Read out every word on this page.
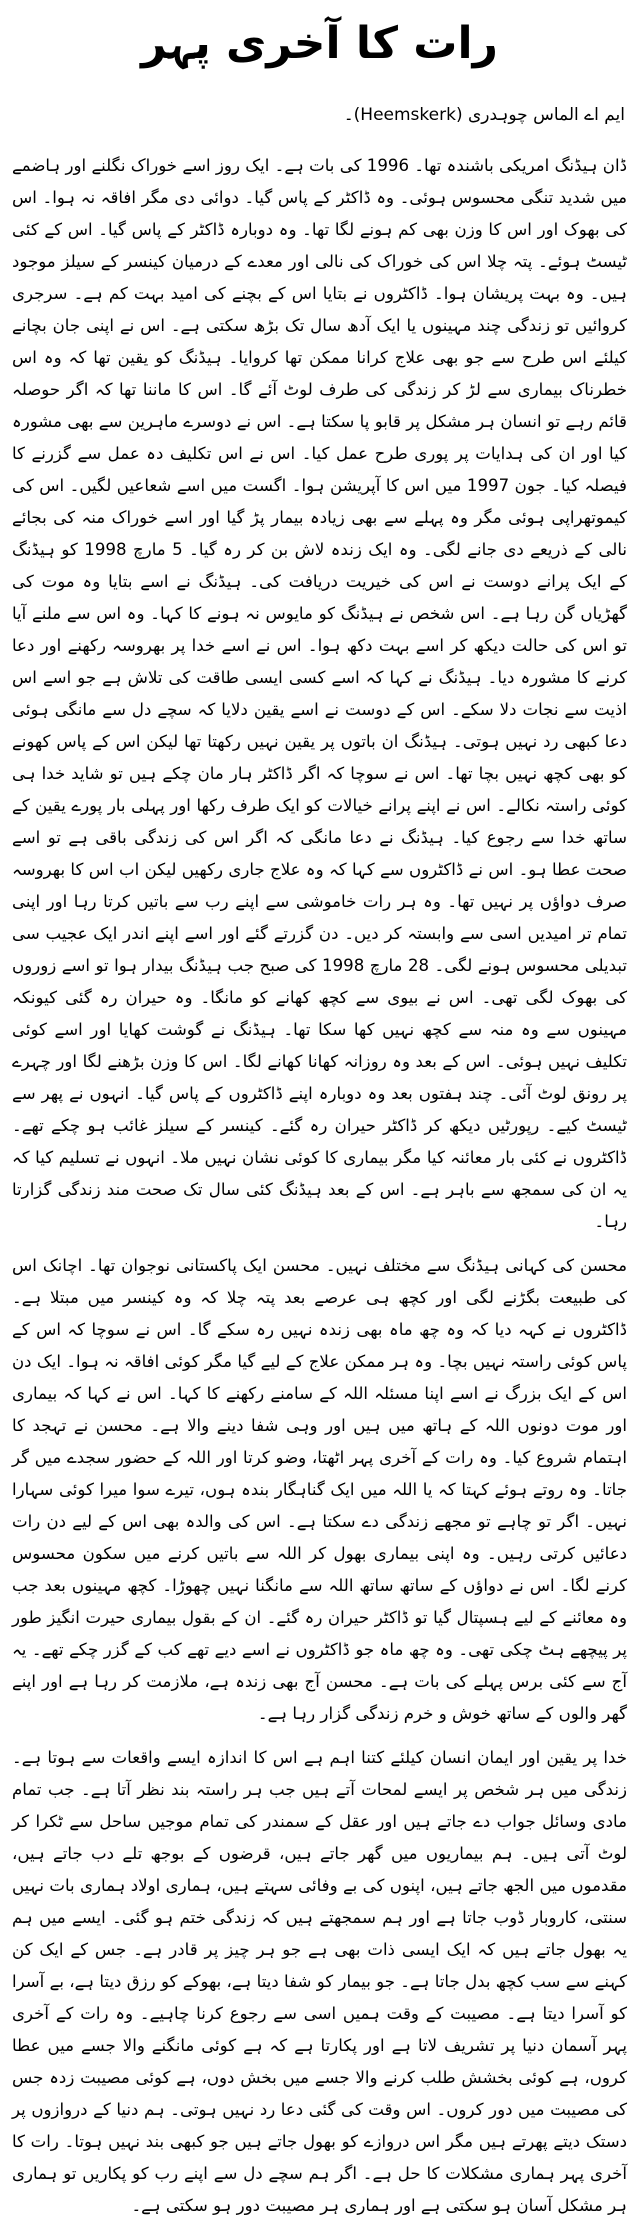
رات کا آخری پہر
ایم اے الماس چوہدری (Heemskerk)۔

ڈان ہیڈنگ امریکی باشندہ تھا۔ 1996 کی بات ہے۔ ایک روز اسے خوراک نگلنے اور ہاضمے میں شدید تنگی محسوس ہوئی۔ وہ ڈاکٹر کے پاس گیا۔ دوائی دی مگر افاقہ نہ ہوا۔ اس کی بھوک اور اس کا وزن بھی کم ہونے لگا تھا۔ وہ دوبارہ ڈاکٹر کے پاس گیا۔ اس کے کئی ٹیسٹ ہوئے۔ پتہ چلا اس کی خوراک کی نالی اور معدے کے درمیان کینسر کے سیلز موجود ہیں۔ وہ بہت پریشان ہوا۔ ڈاکٹروں نے بتایا اس کے بچنے کی امید بہت کم ہے۔ سرجری کروائیں تو زندگی چند مہینوں یا ایک آدھ سال تک بڑھ سکتی ہے۔ اس نے اپنی جان بچانے کیلئے اس طرح سے جو بھی علاج کرانا ممکن تھا کروایا۔ ہیڈنگ کو یقین تھا کہ وہ اس خطرناک بیماری سے لڑ کر زندگی کی طرف لوٹ آئے گا۔ اس کا ماننا تھا کہ اگر حوصلہ قائم رہے تو انسان ہر مشکل پر قابو پا سکتا ہے۔ اس نے دوسرے ماہرین سے بھی مشورہ کیا اور ان کی ہدایات پر پوری طرح عمل کیا۔ اس نے اس تکلیف دہ عمل سے گزرنے کا فیصلہ کیا۔ جون 1997 میں اس کا آپریشن ہوا۔ اگست میں اسے شعاعیں لگیں۔ اس کی کیموتھراپی ہوئی مگر وہ پہلے سے بھی زیادہ بیمار پڑ گیا اور اسے خوراک منہ کی بجائے نالی کے ذریعے دی جانے لگی۔ وہ ایک زندہ لاش بن کر رہ گیا۔ 5 مارچ 1998 کو ہیڈنگ کے ایک پرانے دوست نے اس کی خیریت دریافت کی۔ ہیڈنگ نے اسے بتایا وہ موت کی گھڑیاں گن رہا ہے۔ اس شخص نے ہیڈنگ کو مایوس نہ ہونے کا کہا۔ وہ اس سے ملنے آیا تو اس کی حالت دیکھ کر اسے بہت دکھ ہوا۔ اس نے اسے خدا پر بھروسہ رکھنے اور دعا کرنے کا مشورہ دیا۔ ہیڈنگ نے کہا کہ اسے کسی ایسی طاقت کی تلاش ہے جو اسے اس اذیت سے نجات دلا سکے۔ اس کے دوست نے اسے یقین دلایا کہ سچے دل سے مانگی ہوئی دعا کبھی رد نہیں ہوتی۔ ہیڈنگ ان باتوں پر یقین نہیں رکھتا تھا لیکن اس کے پاس کھونے کو بھی کچھ نہیں بچا تھا۔ اس نے سوچا کہ اگر ڈاکٹر ہار مان چکے ہیں تو شاید خدا ہی کوئی راستہ نکالے۔ اس نے اپنے پرانے خیالات کو ایک طرف رکھا اور پہلی بار پورے یقین کے ساتھ خدا سے رجوع کیا۔ ہیڈنگ نے دعا مانگی کہ اگر اس کی زندگی باقی ہے تو اسے صحت عطا ہو۔ اس نے ڈاکٹروں سے کہا کہ وہ علاج جاری رکھیں لیکن اب اس کا بھروسہ صرف دواؤں پر نہیں تھا۔ وہ ہر رات خاموشی سے اپنے رب سے باتیں کرتا رہا اور اپنی تمام تر امیدیں اسی سے وابستہ کر دیں۔ دن گزرتے گئے اور اسے اپنے اندر ایک عجیب سی تبدیلی محسوس ہونے لگی۔ 28 مارچ 1998 کی صبح جب ہیڈنگ بیدار ہوا تو اسے زوروں کی بھوک لگی تھی۔ اس نے بیوی سے کچھ کھانے کو مانگا۔ وہ حیران رہ گئی کیونکہ مہینوں سے وہ منہ سے کچھ نہیں کھا سکا تھا۔ ہیڈنگ نے گوشت کھایا اور اسے کوئی تکلیف نہیں ہوئی۔ اس کے بعد وہ روزانہ کھانا کھانے لگا۔ اس کا وزن بڑھنے لگا اور چہرے پر رونق لوٹ آئی۔ چند ہفتوں بعد وہ دوبارہ اپنے ڈاکٹروں کے پاس گیا۔ انہوں نے پھر سے ٹیسٹ کیے۔ رپورٹیں دیکھ کر ڈاکٹر حیران رہ گئے۔ کینسر کے سیلز غائب ہو چکے تھے۔ ڈاکٹروں نے کئی بار معائنہ کیا مگر بیماری کا کوئی نشان نہیں ملا۔ انہوں نے تسلیم کیا کہ یہ ان کی سمجھ سے باہر ہے۔ اس کے بعد ہیڈنگ کئی سال تک صحت مند زندگی گزارتا رہا۔

محسن کی کہانی ہیڈنگ سے مختلف نہیں۔ محسن ایک پاکستانی نوجوان تھا۔ اچانک اس کی طبیعت بگڑنے لگی اور کچھ ہی عرصے بعد پتہ چلا کہ وہ کینسر میں مبتلا ہے۔ ڈاکٹروں نے کہہ دیا کہ وہ چھ ماہ بھی زندہ نہیں رہ سکے گا۔ اس نے سوچا کہ اس کے پاس کوئی راستہ نہیں بچا۔ وہ ہر ممکن علاج کے لیے گیا مگر کوئی افاقہ نہ ہوا۔ ایک دن اس کے ایک بزرگ نے اسے اپنا مسئلہ اللہ کے سامنے رکھنے کا کہا۔ اس نے کہا کہ بیماری اور موت دونوں اللہ کے ہاتھ میں ہیں اور وہی شفا دینے والا ہے۔ محسن نے تہجد کا اہتمام شروع کیا۔ وہ رات کے آخری پہر اٹھتا، وضو کرتا اور اللہ کے حضور سجدے میں گر جاتا۔ وہ روتے ہوئے کہتا کہ یا اللہ میں ایک گناہگار بندہ ہوں، تیرے سوا میرا کوئی سہارا نہیں۔ اگر تو چاہے تو مجھے زندگی دے سکتا ہے۔ اس کی والدہ بھی اس کے لیے دن رات دعائیں کرتی رہیں۔ وہ اپنی بیماری بھول کر اللہ سے باتیں کرنے میں سکون محسوس کرنے لگا۔ اس نے دواؤں کے ساتھ ساتھ اللہ سے مانگنا نہیں چھوڑا۔ کچھ مہینوں بعد جب وہ معائنے کے لیے ہسپتال گیا تو ڈاکٹر حیران رہ گئے۔ ان کے بقول بیماری حیرت انگیز طور پر پیچھے ہٹ چکی تھی۔ وہ چھ ماہ جو ڈاکٹروں نے اسے دیے تھے کب کے گزر چکے تھے۔ یہ آج سے کئی برس پہلے کی بات ہے۔ محسن آج بھی زندہ ہے، ملازمت کر رہا ہے اور اپنے گھر والوں کے ساتھ خوش و خرم زندگی گزار رہا ہے۔

خدا پر یقین اور ایمان انسان کیلئے کتنا اہم ہے اس کا اندازہ ایسے واقعات سے ہوتا ہے۔ زندگی میں ہر شخص پر ایسے لمحات آتے ہیں جب ہر راستہ بند نظر آتا ہے۔ جب تمام مادی وسائل جواب دے جاتے ہیں اور عقل کے سمندر کی تمام موجیں ساحل سے ٹکرا کر لوٹ آتی ہیں۔ ہم بیماریوں میں گھر جاتے ہیں، قرضوں کے بوجھ تلے دب جاتے ہیں، مقدموں میں الجھ جاتے ہیں، اپنوں کی بے وفائی سہتے ہیں، ہماری اولاد ہماری بات نہیں سنتی، کاروبار ڈوب جاتا ہے اور ہم سمجھتے ہیں کہ زندگی ختم ہو گئی۔ ایسے میں ہم یہ بھول جاتے ہیں کہ ایک ایسی ذات بھی ہے جو ہر چیز پر قادر ہے۔ جس کے ایک کن کہنے سے سب کچھ بدل جاتا ہے۔ جو بیمار کو شفا دیتا ہے، بھوکے کو رزق دیتا ہے، بے آسرا کو آسرا دیتا ہے۔ مصیبت کے وقت ہمیں اسی سے رجوع کرنا چاہیے۔ وہ رات کے آخری پہر آسمان دنیا پر تشریف لاتا ہے اور پکارتا ہے کہ ہے کوئی مانگنے والا جسے میں عطا کروں، ہے کوئی بخشش طلب کرنے والا جسے میں بخش دوں، ہے کوئی مصیبت زدہ جس کی مصیبت میں دور کروں۔ اس وقت کی گئی دعا رد نہیں ہوتی۔ ہم دنیا کے دروازوں پر دستک دیتے پھرتے ہیں مگر اس دروازے کو بھول جاتے ہیں جو کبھی بند نہیں ہوتا۔ رات کا آخری پہر ہماری مشکلات کا حل ہے۔ اگر ہم سچے دل سے اپنے رب کو پکاریں تو ہماری ہر مشکل آسان ہو سکتی ہے اور ہماری ہر مصیبت دور ہو سکتی ہے۔
